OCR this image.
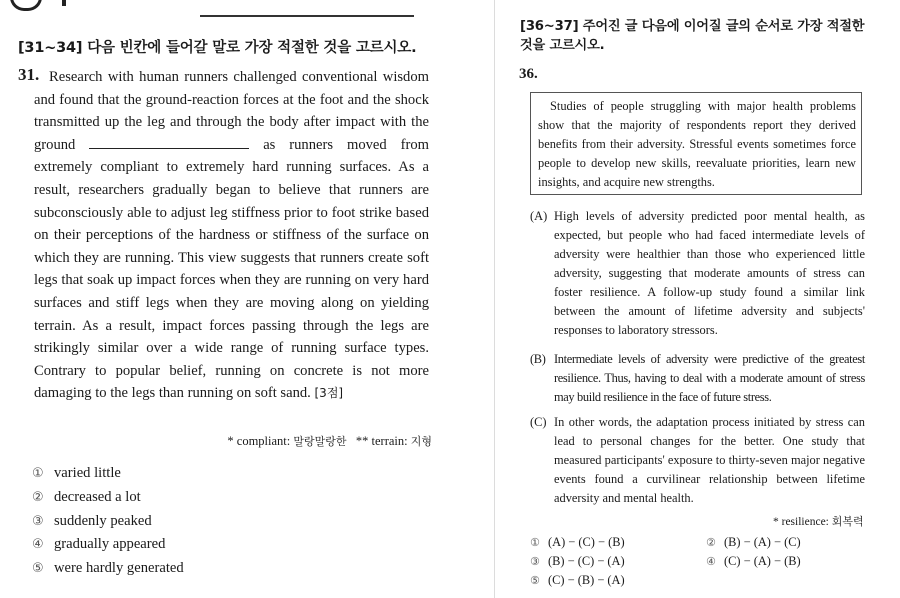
[31~34] 다음 빈칸에 들어갈 말로 가장 적절한 것을 고르시오.
31. Research with human runners challenged conventional wisdom and found that the ground-reaction forces at the foot and the shock transmitted up the leg and through the body after impact with the ground	as runners moved from extremely compliant to extremely hard running surfaces. As a result, researchers gradually began to believe that runners are subconsciously able to adjust leg stiffness prior to foot strike based on their perceptions of the hardness or stiffness of the surface on which they are running. This view suggests that runners create soft legs that soak up impact forces when they are running on very hard surfaces and stiff legs when they are moving along on yielding terrain. As a result, impact forces passing through the legs are strikingly similar over a wide range of running surface types. Contrary to popular belief, running on concrete is not more damaging to the legs than running on soft sand. [3점]
* compliant: 말랑말랑한 ** terrain: 지형
① varied little
② decreased a lot
③ suddenly peaked
④ gradually appeared
⑤ were hardly generated
[36~37] 주어진 글 다음에 이어질 글의 순서로 가장 적절한 것을 고르시오.
36.
Studies of people struggling with major health problems show that the majority of respondents report they derived benefits from their adversity. Stressful events sometimes force people to develop new skills, reevaluate priorities, learn new insights, and acquire new strengths.
(A) High levels of adversity predicted poor mental health, as expected, but people who had faced intermediate levels of adversity were healthier than those who experienced little adversity, suggesting that moderate amounts of stress can foster resilience. A follow-up study found a similar link between the amount of lifetime adversity and subjects' responses to laboratory stressors.
(B) Intermediate levels of adversity were predictive of the greatest resilience. Thus, having to deal with a moderate amount of stress may build resilience in the face of future stress.
(C) In other words, the adaptation process initiated by stress can lead to personal changes for the better. One study that measured participants' exposure to thirty-seven major negative events found a curvilinear relationship between lifetime adversity and mental health.
* resilience: 회복력
① (A) − (C) − (B)	② (B) − (A) − (C)
③ (B) − (C) − (A)	④ (C) − (A) − (B)
⑤ (C) − (B) − (A)
